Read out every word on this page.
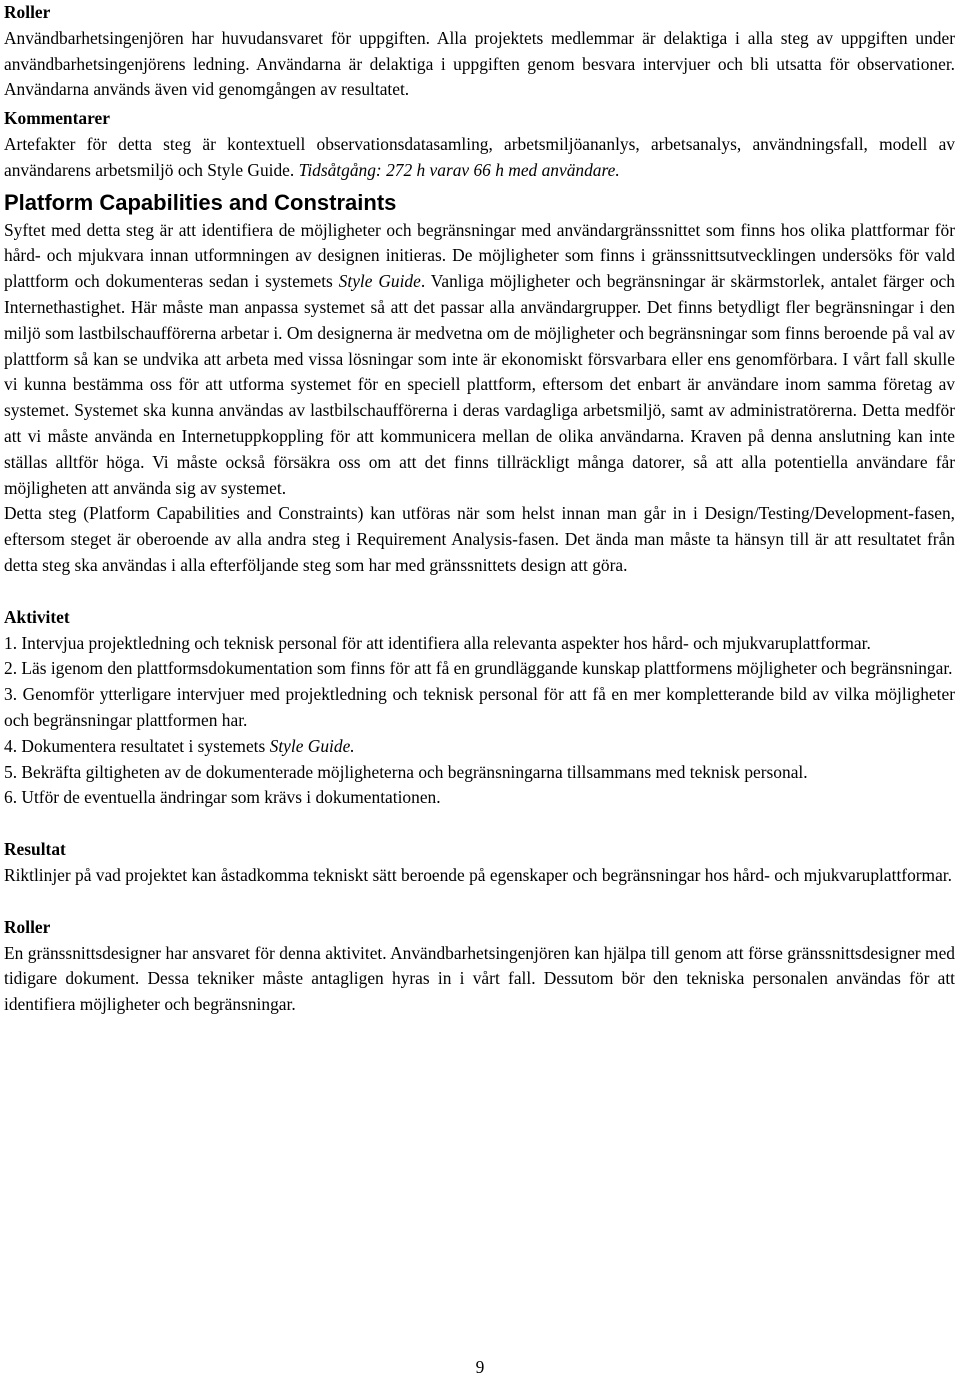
Roller

Användbarhetsingenjören har huvudansvaret för uppgiften. Alla projektets medlemmar är delaktiga i alla steg av uppgiften under användbarhetsingenjörens ledning. Användarna är delaktiga i uppgiften genom besvara intervjuer och bli utsatta för observationer. Användarna används även vid genomgången av resultatet.

Kommentarer

Artefakter för detta steg är kontextuell observationsdatasamling, arbetsmiljöananlys, arbetsanalys, användningsfall, modell av användarens arbetsmiljö och Style Guide. Tidsåtgång: 272 h varav 66 h med användare.

Platform Capabilities and Constraints

Syftet med detta steg är att identifiera de möjligheter och begränsningar med användargränssnittet som finns hos olika plattformar för hård- och mjukvara innan utformningen av designen initieras. De möjligheter som finns i gränssnittsutvecklingen undersöks för vald plattform och dokumenteras sedan i systemets Style Guide. Vanliga möjligheter och begränsningar är skärmstorlek, antalet färger och Internethastighet. Här måste man anpassa systemet så att det passar alla användargrupper. Det finns betydligt fler begränsningar i den miljö som lastbilschaufförerna arbetar i. Om designerna är medvetna om de möjligheter och begränsningar som finns beroende på val av plattform så kan se undvika att arbeta med vissa lösningar som inte är ekonomiskt försvarbara eller ens genomförbara. I vårt fall skulle vi kunna bestämma oss för att utforma systemet för en speciell plattform, eftersom det enbart är användare inom samma företag av systemet. Systemet ska kunna användas av lastbilschaufförerna i deras vardagliga arbetsmiljö, samt av administratörerna. Detta medför att vi måste använda en Internetuppkoppling för att kommunicera mellan de olika användarna. Kraven på denna anslutning kan inte ställas alltför höga. Vi måste också försäkra oss om att det finns tillräckligt många datorer, så att alla potentiella användare får möjligheten att använda sig av systemet.

Detta steg (Platform Capabilities and Constraints) kan utföras när som helst innan man går in i Design/Testing/Development-fasen, eftersom steget är oberoende av alla andra steg i Requirement Analysis-fasen. Det ända man måste ta hänsyn till är att resultatet från detta steg ska användas i alla efterföljande steg som har med gränssnittets design att göra.

Aktivitet

1. Intervjua projektledning och teknisk personal för att identifiera alla relevanta aspekter hos hård- och mjukvaruplattformar.

2. Läs igenom den plattformsdokumentation som finns för att få en grundläggande kunskap plattformens möjligheter och begränsningar.

3. Genomför ytterligare intervjuer med projektledning och teknisk personal för att få en mer kompletterande bild av vilka möjligheter och begränsningar plattformen har.

4. Dokumentera resultatet i systemets Style Guide.

5. Bekräfta giltigheten av de dokumenterade möjligheterna och begränsningarna tillsammans med teknisk personal.

6. Utför de eventuella ändringar som krävs i dokumentationen.

Resultat

Riktlinjer på vad projektet kan åstadkomma tekniskt sätt beroende på egenskaper och begränsningar hos hård- och mjukvaruplattformar.

Roller

En gränssnittsdesigner har ansvaret för denna aktivitet. Användbarhetsingenjören kan hjälpa till genom att förse gränssnittsdesigner med tidigare dokument. Dessa tekniker måste antagligen hyras in i vårt fall. Dessutom bör den tekniska personalen användas för att identifiera möjligheter och begränsningar.

9
